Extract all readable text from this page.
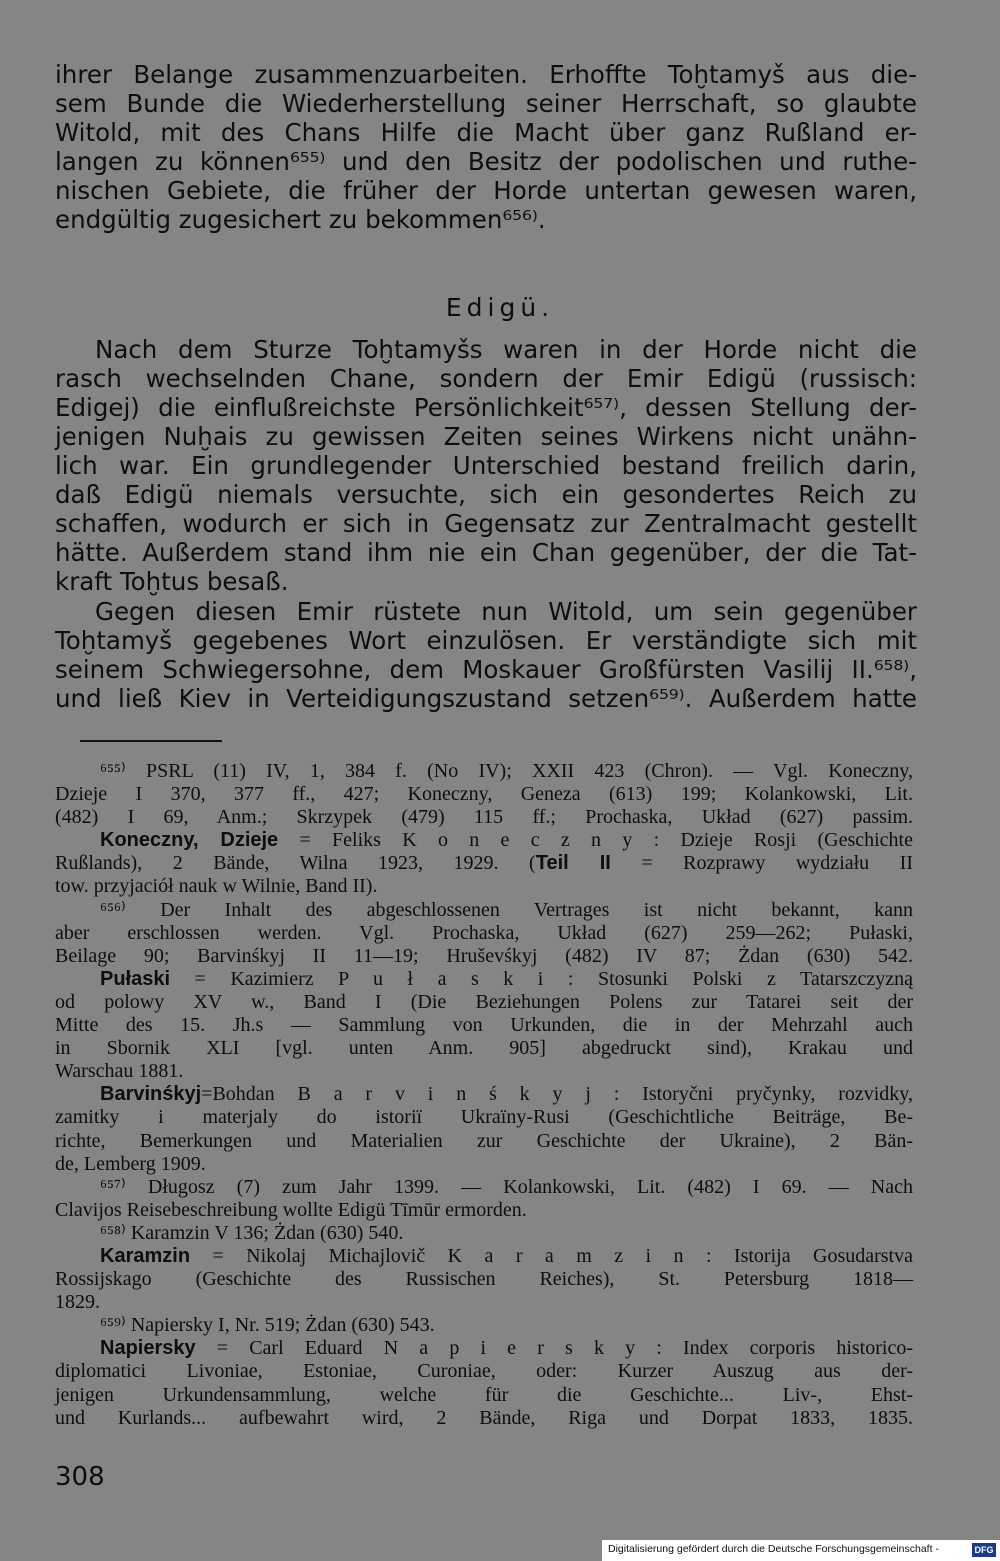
ihrer Belange zusammenzuarbeiten. Erhoffte Toḫtamyš aus die-
sem Bunde die Wiederherstellung seiner Herrschaft, so glaubte
Witold, mit des Chans Hilfe die Macht über ganz Rußland er-
langen zu können⁶⁵⁵⁾ und den Besitz der podolischen und ruthe-
nischen Gebiete, die früher der Horde untertan gewesen waren,
endgültig zugesichert zu bekommen⁶⁵⁶⁾.
Edigü.
Nach dem Sturze Toḫtamyšs waren in der Horde nicht die
rasch wechselnden Chane, sondern der Emir Edigü (russisch:
Edigej) die einflußreichste Persönlichkeit⁶⁵⁷⁾, dessen Stellung der-
jenigen Nuḫais zu gewissen Zeiten seines Wirkens nicht unähn-
lich war. Ein grundlegender Unterschied bestand freilich darin,
daß Edigü niemals versuchte, sich ein gesondertes Reich zu
schaffen, wodurch er sich in Gegensatz zur Zentralmacht gestellt
hätte. Außerdem stand ihm nie ein Chan gegenüber, der die Tat-
kraft Toḫtus besaß.
Gegen diesen Emir rüstete nun Witold, um sein gegenüber
Toḫtamyš gegebenes Wort einzulösen. Er verständigte sich mit
seinem Schwiegersohne, dem Moskauer Großfürsten Vasilij II.⁶⁵⁸⁾,
und ließ Kiev in Verteidigungszustand setzen⁶⁵⁹⁾. Außerdem hatte
⁶⁵⁵⁾ PSRL (11) IV, 1, 384 f. (No IV); XXII 423 (Chron). — Vgl. Koneczny,
Dzieje I 370, 377 ff., 427; Koneczny, Geneza (613) 199; Kolankowski, Lit.
(482) I 69, Anm.; Skrzypek (479) 115 ff.; Prochaska, Układ (627) passim.
Koneczny, Dzieje = Feliks K o n e c z n y : Dzieje Rosji (Geschichte
Rußlands), 2 Bände, Wilna 1923, 1929. (Teil II = Rozprawy wydziału II
tow. przyjaciół nauk w Wilnie, Band II).
⁶⁵⁶⁾ Der Inhalt des abgeschlossenen Vertrages ist nicht bekannt, kann
aber erschlossen werden. Vgl. Prochaska, Układ (627) 259—262; Pułaski,
Beilage 90; Barvinśkyj II 11—19; Hruševśkyj (482) IV 87; Żdan (630) 542.
Pułaski = Kazimierz P u ł a s k i : Stosunki Polski z Tatarszczyzną
od polowy XV w., Band I (Die Beziehungen Polens zur Tatarei seit der
Mitte des 15. Jh.s — Sammlung von Urkunden, die in der Mehrzahl auch
in Sbornik XLI [vgl. unten Anm. 905] abgedruckt sind), Krakau und
Warschau 1881.
Barvinśkyj=Bohdan B a r v i n ś k y j : Istoryčni pryčynky, rozvidky,
zamitky i materjaly do istoriï Ukraïny-Rusi (Geschichtliche Beiträge, Be-
richte, Bemerkungen und Materialien zur Geschichte der Ukraine), 2 Bän-
de, Lemberg 1909.
⁶⁵⁷⁾ Długosz (7) zum Jahr 1399. — Kolankowski, Lit. (482) I 69. — Nach
Clavijos Reisebeschreibung wollte Edigü Tīmūr ermorden.
⁶⁵⁸⁾ Karamzin V 136; Żdan (630) 540.
Karamzin = Nikolaj Michajlovič K a r a m z i n : Istorija Gosudarstva
Rossijskago (Geschichte des Russischen Reiches), St. Petersburg 1818—
1829.
⁶⁵⁹⁾ Napiersky I, Nr. 519; Żdan (630) 543.
Napiersky = Carl Eduard N a p i e r s k y : Index corporis historico-
diplomatici Livoniae, Estoniae, Curoniae, oder: Kurzer Auszug aus der-
jenigen Urkundensammlung, welche für die Geschichte... Liv-, Ehst-
und Kurlands... aufbewahrt wird, 2 Bände, Riga und Dorpat 1833, 1835.
308
Digitalisierung gefördert durch die Deutsche Forschungsgemeinschaft -	DFG
